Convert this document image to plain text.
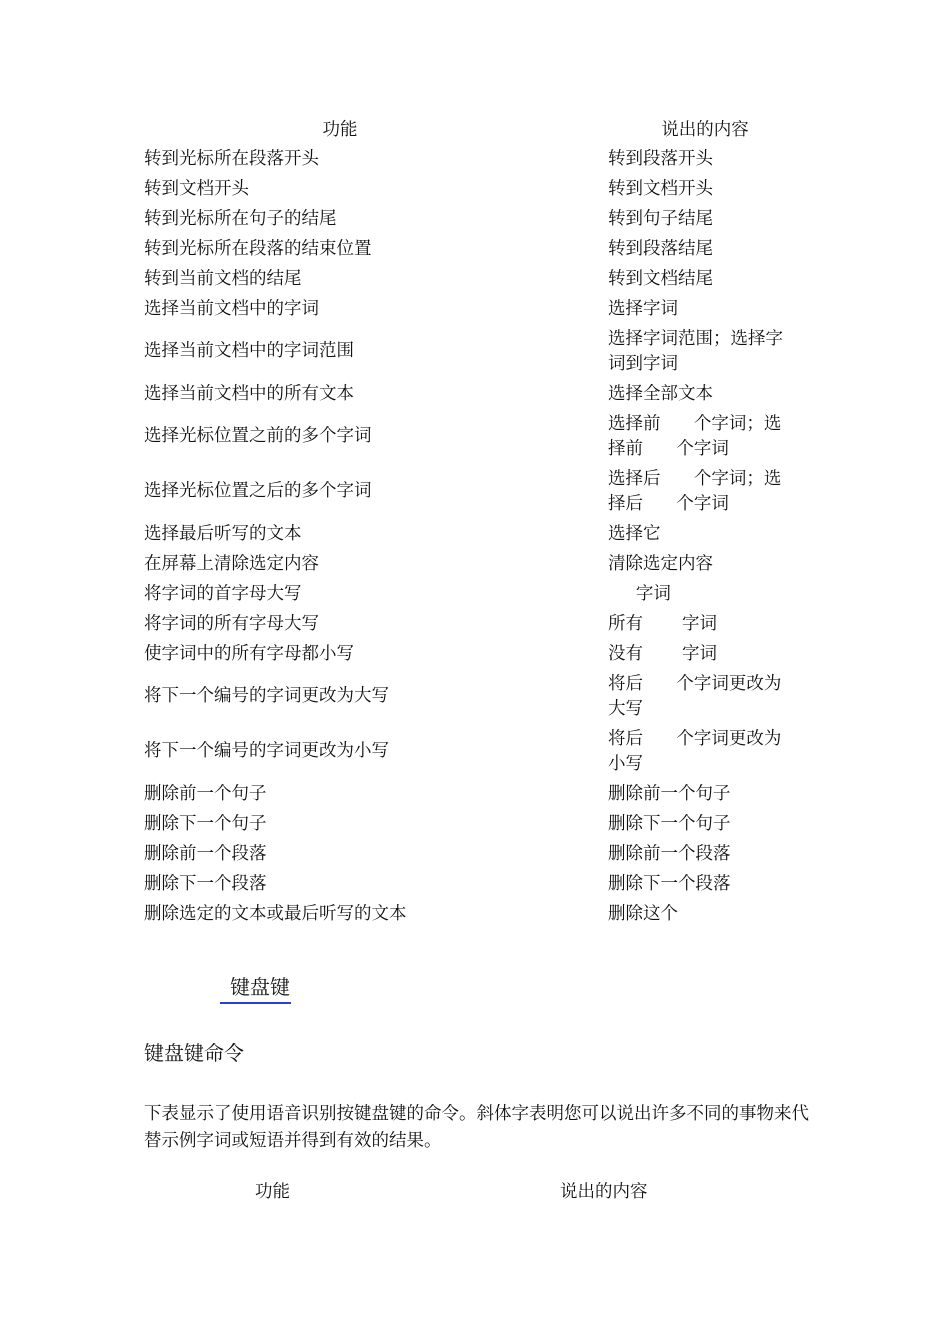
功能	说出的内容
转到光标所在段落开头	转到段落开头
转到文档开头	转到文档开头
转到光标所在句子的结尾	转到句子结尾
转到光标所在段落的结束位置	转到段落结尾
转到当前文档的结尾	转到文档结尾
选择当前文档中的字词	选择字词
选择当前文档中的字词范围	选择字词范围；选择字
词到字词
选择当前文档中的所有文本	选择全部文本
选择光标位置之前的多个字词	选择前      个字词；选
择前      个字词
选择光标位置之后的多个字词	选择后      个字词；选
择后      个字词
选择最后听写的文本	选择它
在屏幕上清除选定内容	清除选定内容
将字词的首字母大写	字词
将字词的所有字母大写	所有       字词
使字词中的所有字母都小写	没有       字词
将下一个编号的字词更改为大写	将后      个字词更改为
大写
将下一个编号的字词更改为小写	将后      个字词更改为
小写
删除前一个句子	删除前一个句子
删除下一个句子	删除下一个句子
删除前一个段落	删除前一个段落
删除下一个段落	删除下一个段落
删除选定的文本或最后听写的文本	删除这个
键盘键
键盘键命令
下表显示了使用语音识别按键盘键的命令。斜体字表明您可以说出许多不同的事物来代替示例字词或短语并得到有效的结果。
功能	说出的内容
